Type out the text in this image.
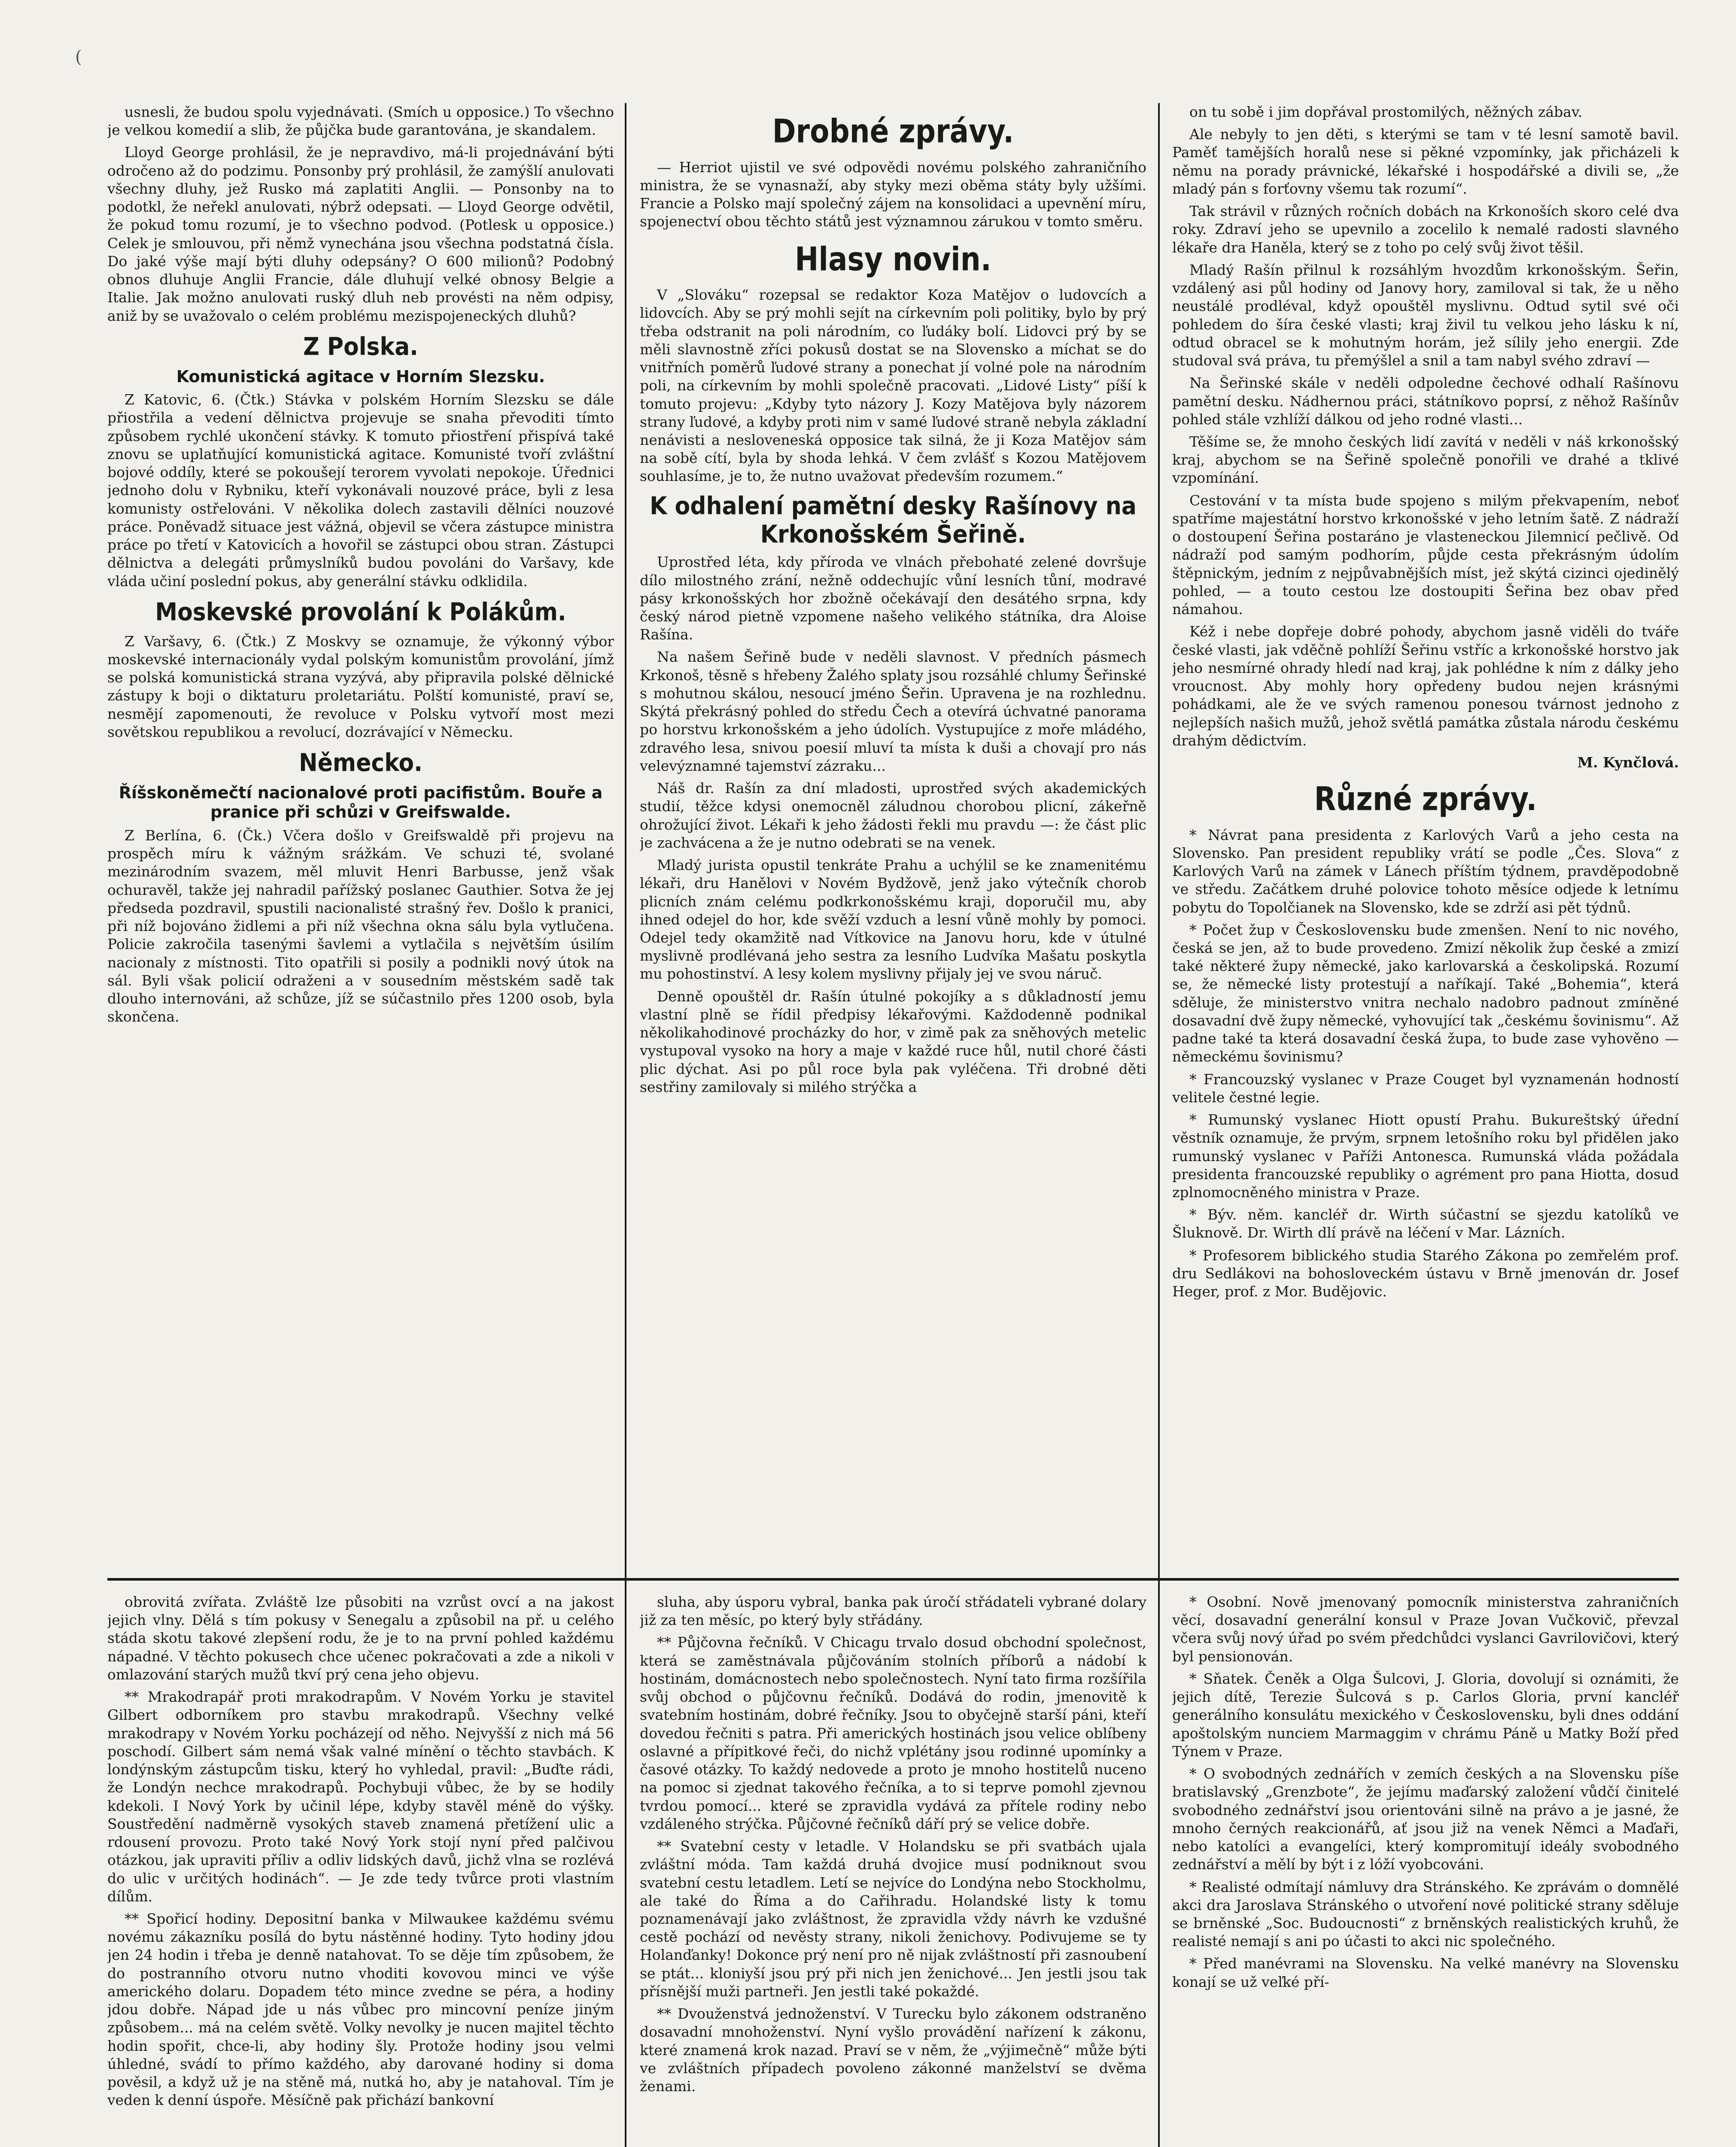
(

usnesli, že budou spolu vyjednávati. (Smích u opposice.) To všechno je velkou komedií a slib, že půjčka bude garantována, je skandalem.

Lloyd George prohlásil, že je nepravdivo, má-li projednávání býti odročeno až do podzimu. Ponsonby prý prohlásil, že zamýšlí anulovati všechny dluhy, jež Rusko má zaplatiti Anglii. — Ponsonby na to podotkl, že neřekl anulovati, nýbrž odepsati. — Lloyd George odvětil, že pokud tomu rozumí, je to všechno podvod. (Potlesk u opposice.) Celek je smlouvou, při němž vynechána jsou všechna podstatná čísla. Do jaké výše mají býti dluhy odepsány? O 600 milionů? Podobný obnos dluhuje Anglii Francie, dále dluhují velké obnosy Belgie a Italie. Jak možno anulovati ruský dluh neb provésti na něm odpisy, aniž by se uvažovalo o celém problému mezispojeneckých dluhů?

Z Polska.
Komunistická agitace v Horním Slezsku.

Z Katovic, 6. (Čtk.) Stávka v polském Horním Slezsku se dále přiostřila a vedení dělnictva projevuje se snaha převoditi tímto způsobem rychlé ukončení stávky. K tomuto přiostření přispívá také znovu se uplatňující komunistická agitace. Komunisté tvoří zvláštní bojové oddíly, které se pokoušejí terorem vyvolati nepokoje. Úřednici jednoho dolu v Rybniku, kteří vykonávali nouzové práce, byli z lesa komunisty ostřelováni. V několika dolech zastavili dělníci nouzové práce. Poněvadž situace jest vážná, objevil se včera zástupce ministra práce po třetí v Katovicích a hovořil se zástupci obou stran. Zástupci dělnictva a delegáti průmyslníků budou povoláni do Varšavy, kde vláda učiní poslední pokus, aby generální stávku odklidila.

Moskevské provolání k Polákům.

Z Varšavy, 6. (Čtk.) Z Moskvy se oznamuje, že výkonný výbor moskevské internacionály vydal polským komunistům provolání, jímž se polská komunistická strana vyzývá, aby připravila polské dělnické zástupy k boji o diktaturu proletariátu. Polští komunisté, praví se, nesmějí zapomenouti, že revoluce v Polsku vytvoří most mezi sovětskou republikou a revolucí, dozrávající v Německu.

Německo.
Říšskoněmečtí nacionalové proti pacifistům. Bouře a pranice při schůzi v Greifswalde.

Z Berlína, 6. (Čk.) Včera došlo v Greifswaldě při projevu na prospěch míru k vážným srážkám. Ve schuzi té, svolané mezinárodním svazem, měl mluvit Henri Barbusse, jenž však ochuravěl, takže jej nahradil pařížský poslanec Gauthier. Sotva že jej předseda pozdravil, spustili nacionalisté strašný řev. Došlo k pranici, při níž bojováno židlemi a při níž všechna okna sálu byla vytlučena. Policie zakročila tasenými šavlemi a vytlačila s největším úsilím nacionaly z místnosti. Tito opatřili si posily a podnikli nový útok na sál. Byli však policií odraženi a v sousedním městském sadě tak dlouho internováni, až schůze, jíž se súčastnilo přes 1200 osob, byla skončena.

Drobné zprávy.

— Herriot ujistil ve své odpovědi novému polského zahraničního ministra, že se vynasnaží, aby styky mezi oběma státy byly užšími. Francie a Polsko mají společný zájem na konsolidaci a upevnění míru, spojenectví obou těchto států jest významnou zárukou v tomto směru.

Hlasy novin.

V „Slováku“ rozepsal se redaktor Koza Matějov o ludovcích a lidovcích. Aby se prý mohli sejít na církevním poli politiky, bylo by prý třeba odstranit na poli národním, co ľudáky bolí. Lidovci prý by se měli slavnostně zříci pokusů dostat se na Slovensko a míchat se do vnitřních poměrů ľudové strany a ponechat jí volné pole na národním poli, na církevním by mohli společně pracovati. „Lidové Listy“ píší k tomuto projevu: „Kdyby tyto názory J. Kozy Matějova byly názorem strany ľudové, a kdyby proti nim v samé ľudové straně nebyla základní nenávisti a nesloveneská opposice tak silná, že ji Koza Matějov sám na sobě cítí, byla by shoda lehká. V čem zvlášť s Kozou Matějovem souhlasíme, je to, že nutno uvažovat především rozumem.“

K odhalení pamětní desky Rašínovy na Krkonošském Šeřině.

Uprostřed léta, kdy příroda ve vlnách přebohaté zelené dovršuje dílo milostného zrání, nežně oddechujíc vůní lesních tůní, modravé pásy krkonošských hor zbožně očekávají den desátého srpna, kdy český národ pietně vzpomene našeho velikého státníka, dra Aloise Rašína.

Na našem Šeřině bude v neděli slavnost. V předních pásmech Krkonoš, těsně s hřebeny Žalého splaty jsou rozsáhlé chlumy Šeřinské s mohutnou skálou, nesoucí jméno Šeřin. Upravena je na rozhlednu. Skýtá překrásný pohled do středu Čech a otevírá úchvatné panorama po horstvu krkonošském a jeho údolích. Vystupujíce z moře mládého, zdravého lesa, snivou poesií mluví ta místa k duši a chovají pro nás velevýznamné tajemství zázraku...

Náš dr. Rašín za dní mladosti, uprostřed svých akademických studií, těžce kdysi onemocněl záludnou chorobou plicní, zákeřně ohrožující život. Lékaři k jeho žádosti řekli mu pravdu —: že část plic je zachvácena a že je nutno odebrati se na venek.

Mladý jurista opustil tenkráte Prahu a uchýlil se ke znamenitému lékaři, dru Hanělovi v Novém Bydžově, jenž jako výtečník chorob plicních znám celému podkrkonošskému kraji, doporučil mu, aby ihned odejel do hor, kde svěží vzduch a lesní vůně mohly by pomoci. Odejel tedy okamžitě nad Vítkovice na Janovu horu, kde v útulné myslivně prodlévaná jeho sestra za lesního Ludvíka Mašatu poskytla mu pohostinství. A lesy kolem myslivny přijaly jej ve svou náruč.

Denně opouštěl dr. Rašín útulné pokojíky a s důkladností jemu vlastní plně se řídil předpisy lékařovými. Každodenně podnikal několikahodinové procházky do hor, v zimě pak za sněhových metelic vystupoval vysoko na hory a maje v každé ruce hůl, nutil choré části plic dýchat. Asi po půl roce byla pak vyléčena. Tři drobné děti sestřiny zamilovaly si milého strýčka a

on tu sobě i jim dopřával prostomilých, něžných zábav.

Ale nebyly to jen děti, s kterými se tam v té lesní samotě bavil. Paměť tamějších horalů nese si pěkné vzpomínky, jak přicházeli k němu na porady právnické, lékařské i hospodářské a divili se, „že mladý pán s forťovny všemu tak rozumí“.

Tak strávil v různých ročních dobách na Krkonoších skoro celé dva roky. Zdraví jeho se upevnilo a zocelilo k nemalé radosti slavného lékaře dra Haněla, který se z toho po celý svůj život těšil.

Mladý Rašín přilnul k rozsáhlým hvozdům krkonošským. Šeřin, vzdálený asi půl hodiny od Janovy hory, zamiloval si tak, že u něho neustálé prodléval, když opouštěl myslivnu. Odtud sytil své oči pohledem do šíra české vlasti; kraj živil tu velkou jeho lásku k ní, odtud obracel se k mohutným horám, jež sílily jeho energii. Zde studoval svá práva, tu přemýšlel a snil a tam nabyl svého zdraví —

Na Šeřinské skále v neděli odpoledne čechové odhalí Rašínovu pamětní desku. Nádhernou práci, státníkovo poprsí, z něhož Rašínův pohled stále vzhlíží dálkou od jeho rodné vlasti...

Těšíme se, že mnoho českých lidí zavítá v neděli v náš krkonošský kraj, abychom se na Šeřině společně ponořili ve drahé a tklivé vzpomínání.

Cestování v ta místa bude spojeno s milým překvapením, neboť spatříme majestátní horstvo krkonošské v jeho letním šatě. Z nádraží o dostoupení Šeřina postaráno je vlasteneckou Jilemnicí pečlivě. Od nádraží pod samým podhorím, půjde cesta překrásným údolím štěpnickým, jedním z nejpůvabnějších míst, jež skýtá cizinci ojedinělý pohled, — a touto cestou lze dostoupiti Šeřina bez obav před námahou.

Kéž i nebe dopřeje dobré pohody, abychom jasně viděli do tváře české vlasti, jak vděčně pohlíží Šeřinu vstříc a krkonošské horstvo jak jeho nesmírné ohrady hledí nad kraj, jak pohlédne k ním z dálky jeho vroucnost. Aby mohly hory opředeny budou nejen krásnými pohádkami, ale že ve svých ramenou ponesou tvárnost jednoho z nejlepších našich mužů, jehož světlá památka zůstala národu českému drahým dědictvím.

M. Kynčlová.
Různé zprávy.

* Návrat pana presidenta z Karlových Varů a jeho cesta na Slovensko. Pan president republiky vrátí se podle „Čes. Slova“ z Karlových Varů na zámek v Lánech příštím týdnem, pravděpodobně ve středu. Začátkem druhé polovice tohoto měsíce odjede k letnímu pobytu do Topolčianek na Slovensko, kde se zdrží asi pět týdnů.

* Počet žup v Československu bude zmenšen. Není to nic nového, česká se jen, až to bude provedeno. Zmizí několik žup české a zmizí také některé župy německé, jako karlovarská a českolipská. Rozumí se, že německé listy protestují a naříkají. Také „Bohemia“, která sděluje, že ministerstvo vnitra nechalo nadobro padnout zmíněné dosavadní dvě župy německé, vyhovující tak „českému šovinismu“. Až padne také ta která dosavadní česká župa, to bude zase vyhověno — německému šovinismu?

* Francouzský vyslanec v Praze Couget byl vyznamenán hodností velitele čestné legie.

* Rumunský vyslanec Hiott opustí Prahu. Bukureštský úřední věstník oznamuje, že prvým, srpnem letošního roku byl přidělen jako rumunský vyslanec v Paříži Antonesca. Rumunská vláda požádala presidenta francouzské republiky o agrément pro pana Hiotta, dosud zplnomocněného ministra v Praze.

* Býv. něm. kancléř dr. Wirth súčastní se sjezdu katolíků ve Šluknově. Dr. Wirth dlí právě na léčení v Mar. Lázních.

* Profesorem biblického studia Starého Zákona po zemřelém prof. dru Sedlákovi na bohosloveckém ústavu v Brně jmenován dr. Josef Heger, prof. z Mor. Budějovic.

obrovitá zvířata. Zvláště lze působiti na vzrůst ovcí a na jakost jejich vlny. Dělá s tím pokusy v Senegalu a způsobil na př. u celého stáda skotu takové zlepšení rodu, že je to na první pohled každému nápadné. V těchto pokusech chce učenec pokračovati a zde a nikoli v omlazování starých mužů tkví prý cena jeho objevu.

** Mrakodrapář proti mrakodrapům. V Novém Yorku je stavitel Gilbert odborníkem pro stavbu mrakodrapů. Všechny velké mrakodrapy v Novém Yorku pocházejí od něho. Nejvyšší z nich má 56 poschodí. Gilbert sám nemá však valné mínění o těchto stavbách. K londýnským zástupcům tisku, který ho vyhledal, pravil: „Buďte rádi, že Londýn nechce mrakodrapů. Pochybuji vůbec, že by se hodily kdekoli. I Nový York by učinil lépe, kdyby stavěl méně do výšky. Soustředění nadměrně vysokých staveb znamená přetížení ulic a rdousení provozu. Proto také Nový York stojí nyní před palčivou otázkou, jak upraviti příliv a odliv lidských davů, jichž vlna se rozlévá do ulic v určitých hodinách“. — Je zde tedy tvůrce proti vlastním dílům.

** Spořicí hodiny. Depositní banka v Milwaukee každému svému novému zákazníku posílá do bytu nástěnné hodiny. Tyto hodiny jdou jen 24 hodin i třeba je denně natahovat. To se děje tím způsobem, že do postranního otvoru nutno vhoditi kovovou minci ve výše amerického dolaru. Dopadem této mince zvedne se péra, a hodiny jdou dobře. Nápad jde u nás vůbec pro mincovní peníze jiným způsobem... má na celém světě. Volky nevolky je nucen majitel těchto hodin spořit, chce-li, aby hodiny šly. Protože hodiny jsou velmi úhledné, svádí to přímo každého, aby darované hodiny si doma pověsil, a když už je na stěně má, nutká ho, aby je natahoval. Tím je veden k denní úspoře. Měsíčně pak přichází bankovní

sluha, aby úsporu vybral, banka pak úročí střádateli vybrané dolary již za ten měsíc, po který byly střádány.

** Půjčovna řečníků. V Chicagu trvalo dosud obchodní společnost, která se zaměstnávala půjčováním stolních příborů a nádobí k hostinám, domácnostech nebo společnostech. Nyní tato firma rozšířila svůj obchod o půjčovnu řečníků. Dodává do rodin, jmenovitě k svatebním hostinám, dobré řečníky. Jsou to obyčejně starší páni, kteří dovedou řečniti s patra. Při amerických hostinách jsou velice oblíbeny oslavné a přípitkové řeči, do nichž vplétány jsou rodinné upomínky a časové otázky. To každý nedovede a proto je mnoho hostitelů nuceno na pomoc si zjednat takového řečníka, a to si teprve pomohl zjevnou tvrdou pomocí... které se zpravidla vydává za přítele rodiny nebo vzdáleného strýčka. Půjčovné řečníků dáří prý se velice dobře.

** Svatební cesty v letadle. V Holandsku se při svatbách ujala zvláštní móda. Tam každá druhá dvojice musí podniknout svou svatební cestu letadlem. Letí se nejvíce do Londýna nebo Stockholmu, ale také do Říma a do Cařihradu. Holandské listy k tomu poznamenávají jako zvláštnost, že zpravidla vždy návrh ke vzdušné cestě pochází od nevěsty strany, nikoli ženichovy. Podivujeme se ty Holanďanky! Dokonce prý není pro ně nijak zvláštností při zasnoubení se ptát... kloniyší jsou prý při nich jen ženichové... Jen jestli jsou tak přísnější muži partneři. Jen jestli také pokaždé.

** Dvouženstvá jednoženství. V Turecku bylo zákonem odstraněno dosavadní mnohoženství. Nyní vyšlo provádění nařízení k zákonu, které znamená krok nazad. Praví se v něm, že „výjimečně“ může býti ve zvláštních případech povoleno zákonné manželství se dvěma ženami.

* Osobní. Nově jmenovaný pomocník ministerstva zahraničních věcí, dosavadní generální konsul v Praze Jovan Vučkovič, převzal včera svůj nový úřad po svém předchůdci vyslanci Gavrilovičovi, který byl pensionován.

* Sňatek. Čeněk a Olga Šulcovi, J. Gloria, dovolují si oznámiti, že jejich dítě, Terezie Šulcová s p. Carlos Gloria, první kancléř generálního konsulátu mexického v Československu, byli dnes oddání apoštolským nunciem Marmaggim v chrámu Páně u Matky Boží před Týnem v Praze.

* O svobodných zednářích v zemích českých a na Slovensku píše bratislavský „Grenzbote“, že jejímu maďarský založení vůdčí činitelé svobodného zednářství jsou orientováni silně na právo a je jasné, že mnoho černých reakcionářů, ať jsou již na venek Němci a Maďaři, nebo katolíci a evangelíci, který kompromitují ideály svobodného zednářství a mělí by být i z lóží vyobcováni.

* Realisté odmítají námluvy dra Stránského. Ke zprávám o domnělé akci dra Jaroslava Stránského o utvoření nové politické strany sděluje se brněnské „Soc. Budoucnosti“ z brněnských realistických kruhů, že realisté nemají s ani po účasti to akci nic společného.

* Před manévrami na Slovensku. Na velké manévry na Slovensku konají se už veľké pří-
